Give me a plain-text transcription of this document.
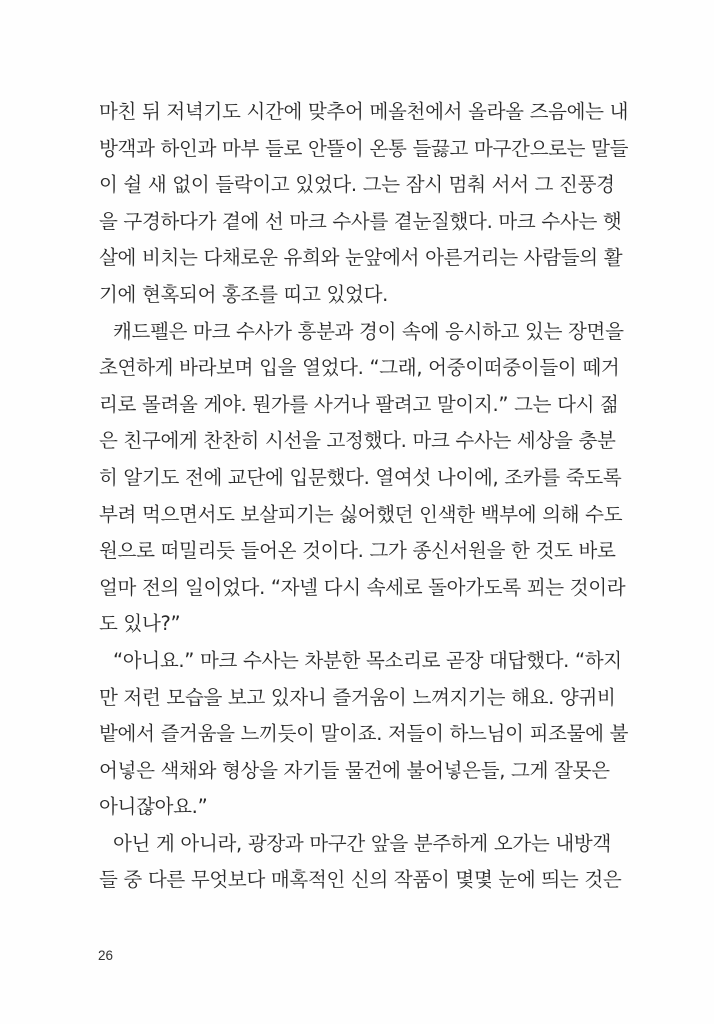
마친 뒤 저녁기도 시간에 맞추어 메올천에서 올라올 즈음에는 내
방객과 하인과 마부 들로 안뜰이 온통 들끓고 마구간으로는 말들
이 쉴 새 없이 들락이고 있었다. 그는 잠시 멈춰 서서 그 진풍경
을 구경하다가 곁에 선 마크 수사를 곁눈질했다. 마크 수사는 햇
살에 비치는 다채로운 유희와 눈앞에서 아른거리는 사람들의 활
기에 현혹되어 홍조를 띠고 있었다.
캐드펠은 마크 수사가 흥분과 경이 속에 응시하고 있는 장면을
초연하게 바라보며 입을 열었다. “그래, 어중이떠중이들이 떼거
리로 몰려올 게야. 뭔가를 사거나 팔려고 말이지.” 그는 다시 젊
은 친구에게 찬찬히 시선을 고정했다. 마크 수사는 세상을 충분
히 알기도 전에 교단에 입문했다. 열여섯 나이에, 조카를 죽도록
부려 먹으면서도 보살피기는 싫어했던 인색한 백부에 의해 수도
원으로 떠밀리듯 들어온 것이다. 그가 종신서원을 한 것도 바로
얼마 전의 일이었다. “자넬 다시 속세로 돌아가도록 꾀는 것이라
도 있나?”
“아니요.” 마크 수사는 차분한 목소리로 곧장 대답했다. “하지
만 저런 모습을 보고 있자니 즐거움이 느껴지기는 해요. 양귀비
밭에서 즐거움을 느끼듯이 말이죠. 저들이 하느님이 피조물에 불
어넣은 색채와 형상을 자기들 물건에 불어넣은들, 그게 잘못은
아니잖아요.”
아닌 게 아니라, 광장과 마구간 앞을 분주하게 오가는 내방객
들 중 다른 무엇보다 매혹적인 신의 작품이 몇몇 눈에 띄는 것은
26
